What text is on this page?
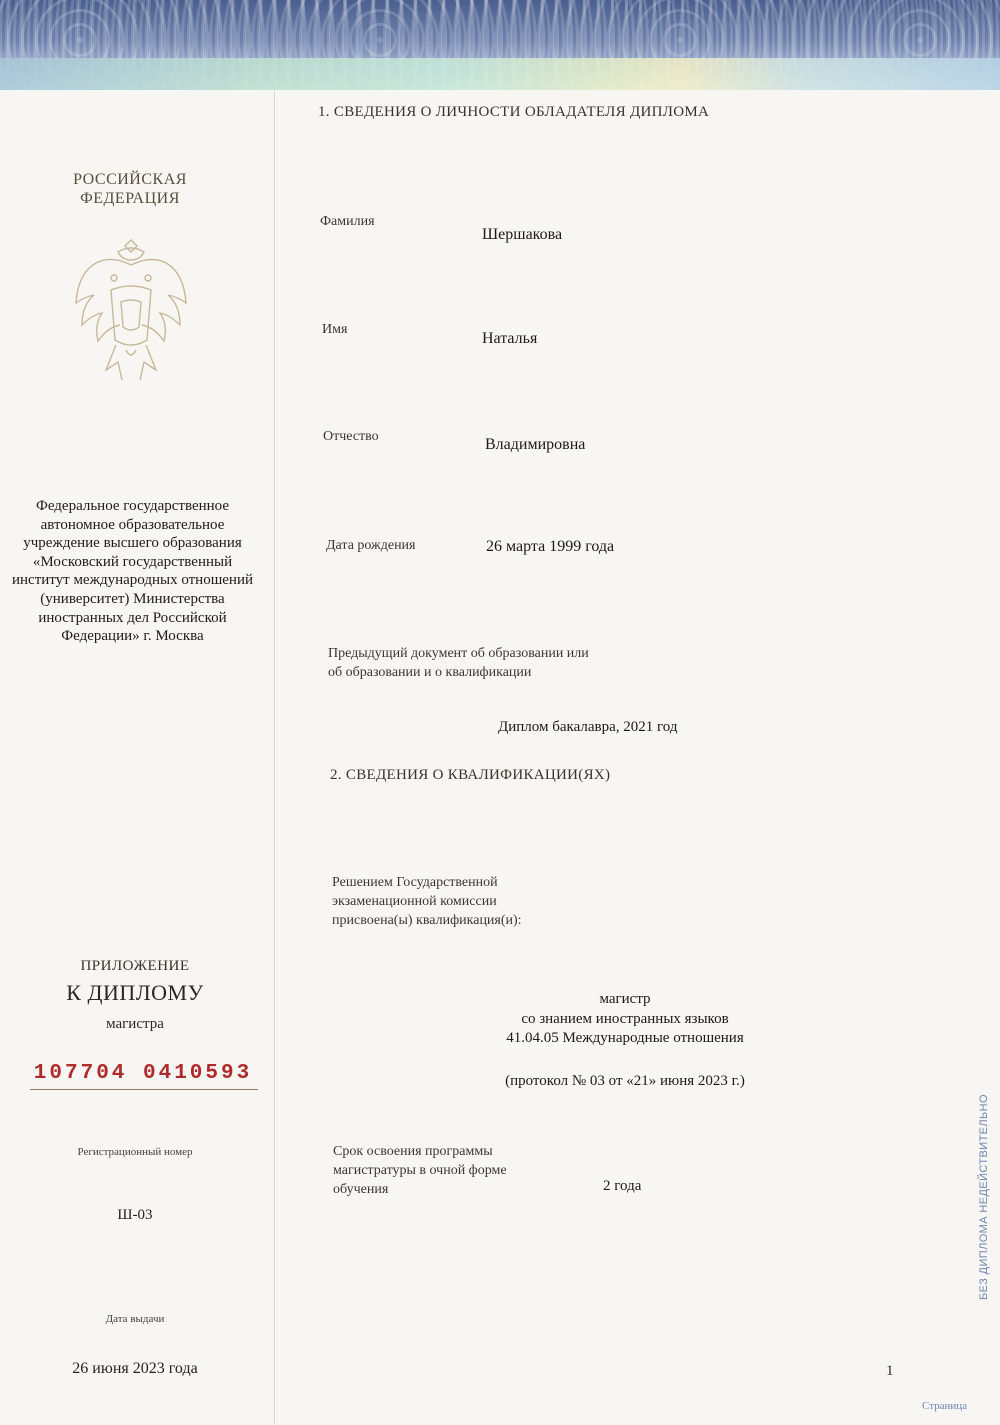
РОССИЙСКАЯ ФЕДЕРАЦИЯ
Федеральное государственное автономное образовательное учреждение высшего образования «Московский государственный институт международных отношений (университет) Министерства иностранных дел Российской Федерации» г. Москва
ПРИЛОЖЕНИЕ
К ДИПЛОМУ
магистра
107704 0410593
Регистрационный номер
Ш-03
Дата выдачи
26 июня 2023 года
1. СВЕДЕНИЯ О ЛИЧНОСТИ ОБЛАДАТЕЛЯ ДИПЛОМА
Фамилия
Шершакова
Имя
Наталья
Отчество	Владимировна
Дата рождения	26 марта 1999 года
Предыдущий документ об образовании или об образовании и о квалификации
Диплом бакалавра, 2021 год
2. СВЕДЕНИЯ О КВАЛИФИКАЦИИ(ЯХ)
Решением Государственной экзаменационной комиссии присвоена(ы) квалификация(и):
магистр
со знанием иностранных языков
41.04.05 Международные отношения
(протокол № 03 от «21» июня 2023 г.)
Срок освоения программы магистратуры в очной форме обучения	2 года	БЕЗ ДИПЛОМА НЕДЕЙСТВИТЕЛЬНО
1
Страница
